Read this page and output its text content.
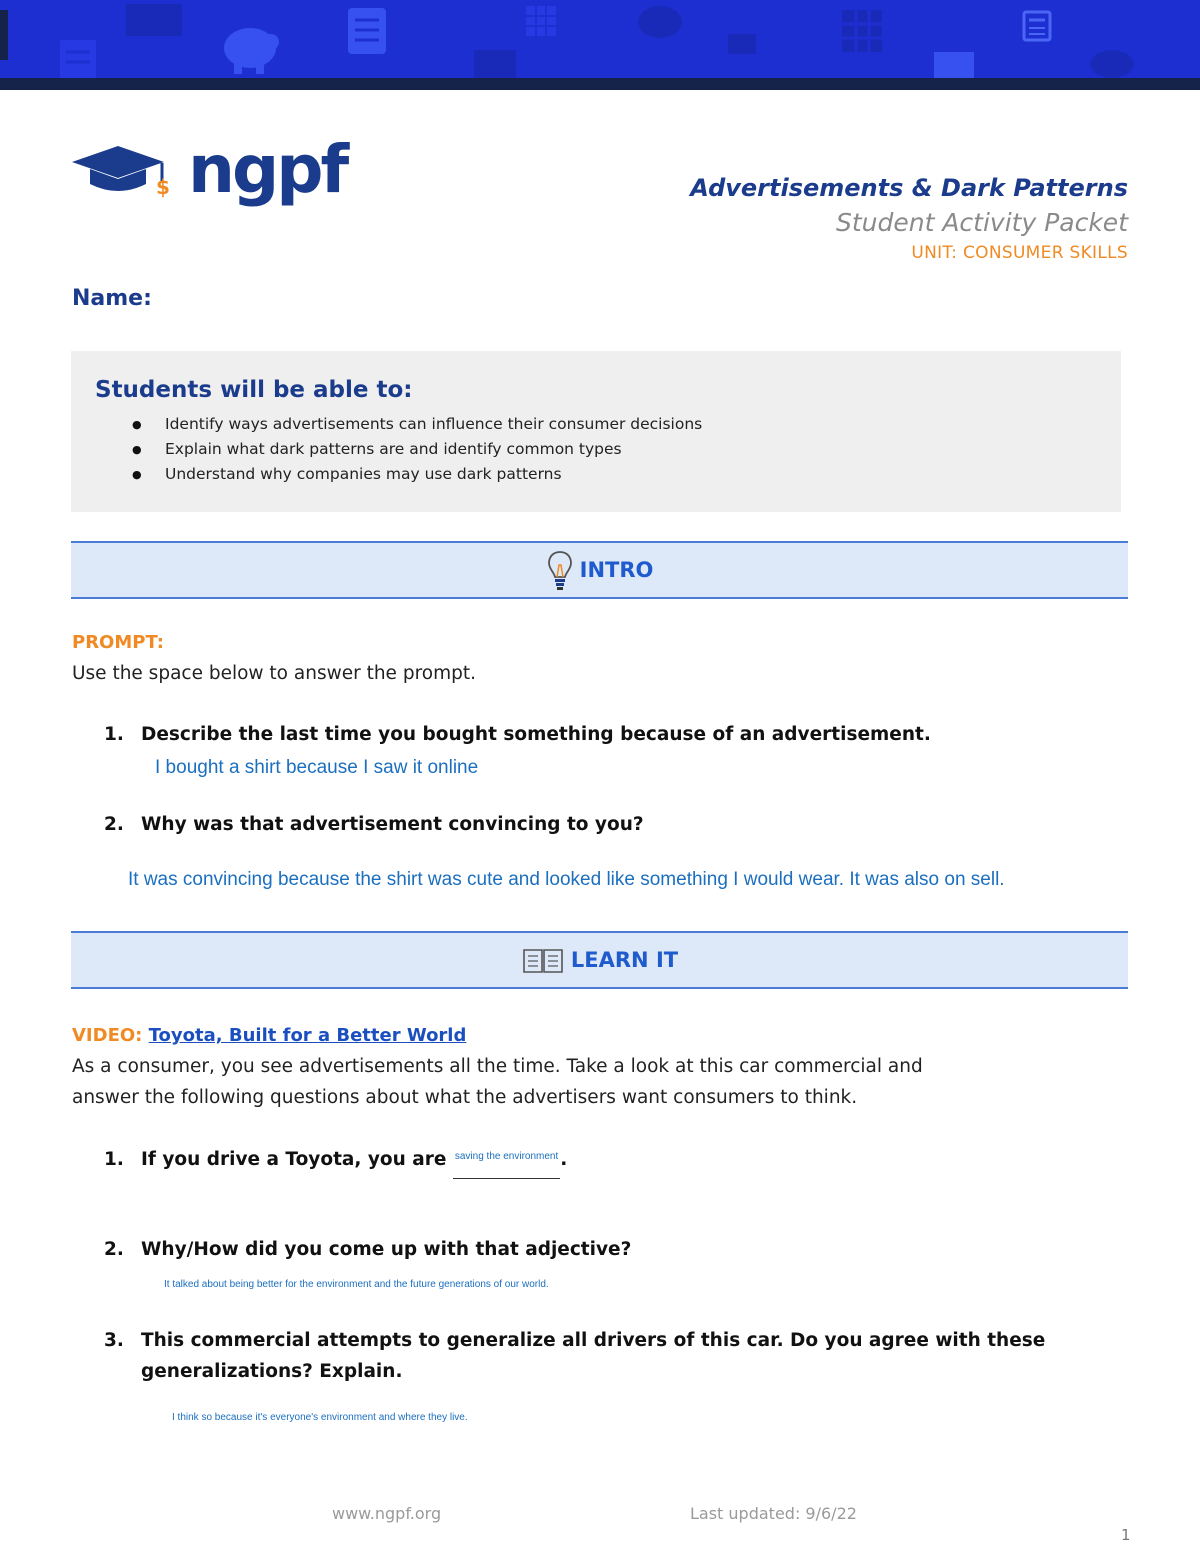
$ ngpf	Advertisements & Dark Patterns
Student Activity Packet
UNIT: CONSUMER SKILLS
Name:
Students will be able to:
● Identify ways advertisements can influence their consumer decisions
● Explain what dark patterns are and identify common types
● Understand why companies may use dark patterns
INTRO
PROMPT:
Use the space below to answer the prompt.
1. Describe the last time you bought something because of an advertisement.
I bought a shirt because I saw it online
2. Why was that advertisement convincing to you?
It was convincing because the shirt was cute and looked like something I would wear. It was also on sell.
LEARN IT
VIDEO: Toyota, Built for a Better World
As a consumer, you see advertisements all the time. Take a look at this car commercial and
answer the following questions about what the advertisers want consumers to think.
1. If you drive a Toyota, you are $^{saving the environment}$ .
2. Why/How did you come up with that adjective?
It talked about being better for the environment and the future generations of our world.
3. This commercial attempts to generalize all drivers of this car. Do you agree with these
generalizations? Explain.
I think so because it's everyone's environment and where they live.
www.ngpf.org	Last updated: 9/6/22
1
